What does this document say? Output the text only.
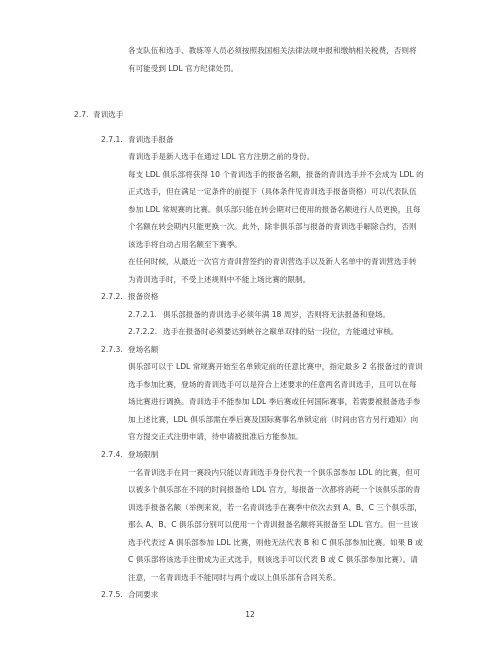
各支队伍和选手、教练等人员必须按照我国相关法律法规申报和缴纳相关税费，否则将
有可能受到 LDL 官方纪律处罚。
2.7. 青训选手
2.7.1. 青训选手报备
青训选手是新人选手在通过 LDL 官方注册之前的身份。
每支 LDL 俱乐部将获得 10 个青训选手的报备名额，报备的青训选手并不会成为 LDL 的
正式选手，但在满足一定条件的前提下（具体条件见青训选手报备资格）可以代表队伍
参加 LDL 常规赛的比赛。俱乐部只能在转会期对已使用的报备名额进行人员更换，且每
个名额在转会期内只能更换一次。此外，除非俱乐部与报备的青训选手解除合约，否则
该选手将自动占用名额至下赛季。
在任何时候，从最近一次官方青训营签约的青训营选手以及新人名单中的青训营选手转
为青训选手时，不受上述规则中不能上场比赛的限制。
2.7.2. 报备资格
2.7.2.1. 俱乐部报备的青训选手必须年满 18 周岁，否则将无法报备和登场。
2.7.2.2. 选手在报备时必须要达到峡谷之巅单双排的钻一段位，方能通过审核。
2.7.3. 登场名额
俱乐部可以于 LDL 常规赛开始至名单锁定前的任意比赛中，指定最多 2 名报备过的青训
选手参加比赛，登场的青训选手可以是符合上述要求的任意两名青训选手，且可以在每
场比赛进行调换。青训选手不能参加 LDL 季后赛或任何国际赛事，若需要被报备选手参
加上述比赛，LDL 俱乐部需在季后赛及国际赛事名单锁定前（时间由官方另行通知）向
官方提交正式注册申请，待申请被批准后方能参加。
2.7.4. 登场限制
一名青训选手在同一赛段内只能以青训选手身份代表一个俱乐部参加 LDL 的比赛，但可
以被多个俱乐部在不同的时间报备给 LDL 官方，每报备一次都将消耗一个该俱乐部的青
训选手报备名额（举例来说，若一名青训选手在赛季中依次去到 A、B、C 三个俱乐部，
那么 A、B、C 俱乐部分别可以使用一个青训报备名额将其报备至 LDL 官方。但一旦该
选手代表过 A 俱乐部参加 LDL 比赛，则他无法代表 B 和 C 俱乐部参加比赛。如果 B 或
C 俱乐部将该选手注册成为正式选手，则该选手可以代表 B 或 C 俱乐部参加比赛）。请
注意，一名青训选手不能同时与两个或以上俱乐部有合同关系。
2.7.5. 合同要求
12
